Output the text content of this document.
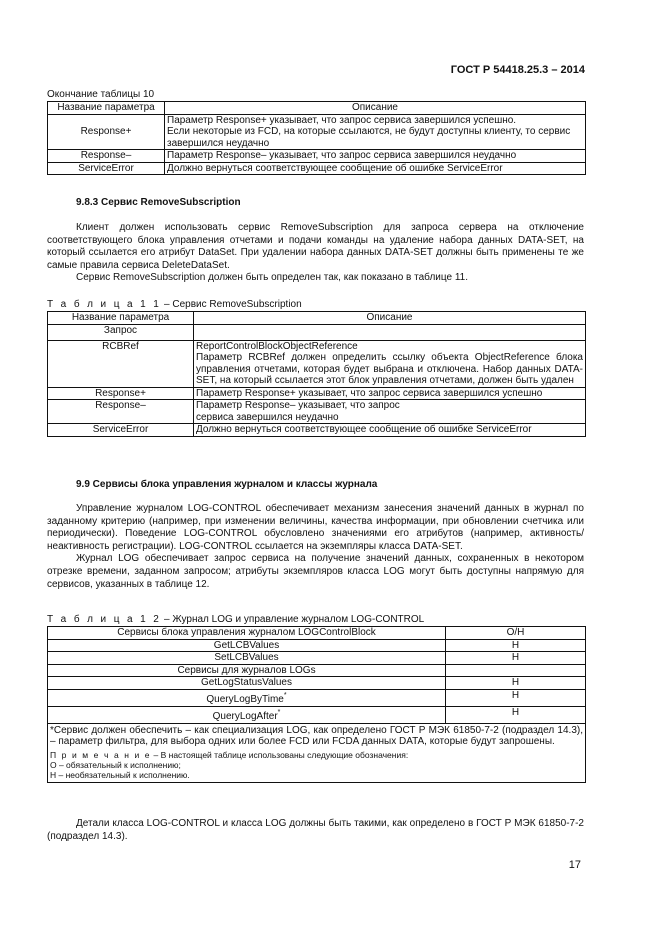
ГОСТ Р 54418.25.3 – 2014
Окончание таблицы 10
Название параметра	Описание
Response+	Параметр Response+ указывает, что запрос сервиса завершился успешно.
Если некоторые из FCD, на которые ссылаются, не будут доступны клиенту, то сервис завершился неудачно

Response–	Параметр Response– указывает, что запрос сервиса завершился неудачно
ServiceError	Должно вернуться соответствующее сообщение об ошибке ServiceError
9.8.3 Сервис RemoveSubscription

Клиент должен использовать сервис RemoveSubscription для запроса сервера на отключение соответствующего блока управления отчетами и подачи команды на удаление набора данных DATA-SET, на который ссылается его атрибут DataSet. При удалении набора данных DATA-SET должны быть применены те же самые правила сервиса DeleteDataSet.

Сервис RemoveSubscription должен быть определен так, как показано в таблице 11.

Т а б л и ц а 1 1 – Сервис RemoveSubscription
Название параметра	Описание
Запрос	
RCBRef	ReportControlBlockObjectReference
Параметр RCBRef должен определить ссылку объекта ObjectReference блока управления отчетами, которая будет выбрана и отключена. Набор данных DATA-SET, на который ссылается этот блок управления отчетами, должен быть удален

Response+	Параметр Response+ указывает, что запрос сервиса завершился успешно
Response–	Параметр Response– указывает, что запрос сервиса завершился неудачно
ServiceError	Должно вернуться соответствующее сообщение об ошибке ServiceError
9.9 Сервисы блока управления журналом и классы журнала

Управление журналом LOG-CONTROL обеспечивает механизм занесения значений данных в журнал по заданному критерию (например, при изменении величины, качества информации, при обновлении счетчика или периодически). Поведение LOG-CONTROL обусловлено значениями его атрибутов (например, активность/неактивность регистрации). LOG-CONTROL ссылается на экземпляры класса DATA-SET.

Журнал LOG обеспечивает запрос сервиса на получение значений данных, сохраненных в некотором отрезке времени, заданном запросом; атрибуты экземпляров класса LOG могут быть доступны напрямую для сервисов, указанных в таблице 12.

Т а б л и ц а 1 2 – Журнал LOG и управление журналом LOG-CONTROL
Сервисы блока управления журналом LOGControlBlock	О/Н
GetLCBValues	Н
SetLCBValues	Н
Сервисы для журналов LOGs	
GetLogStatusValues	Н
QueryLogByTime*	Н
QueryLogAfter*	Н

*Сервис должен обеспечить – как специализация LOG, как определено ГОСТ Р МЭК 61850-7-2 (подраздел 14.3), – параметр фильтра, для выбора одних или более FCD или FCDA данных DATA, которые будут запрошены.
П р и м е ч а н и е – В настоящей таблице использованы следующие обозначения:
О – обязательный к исполнению;
Н – необязательный к исполнению.	

Детали класса LOG-CONTROL и класса LOG должны быть такими, как определено в ГОСТ Р МЭК 61850-7-2 (подраздел 14.3).

17
